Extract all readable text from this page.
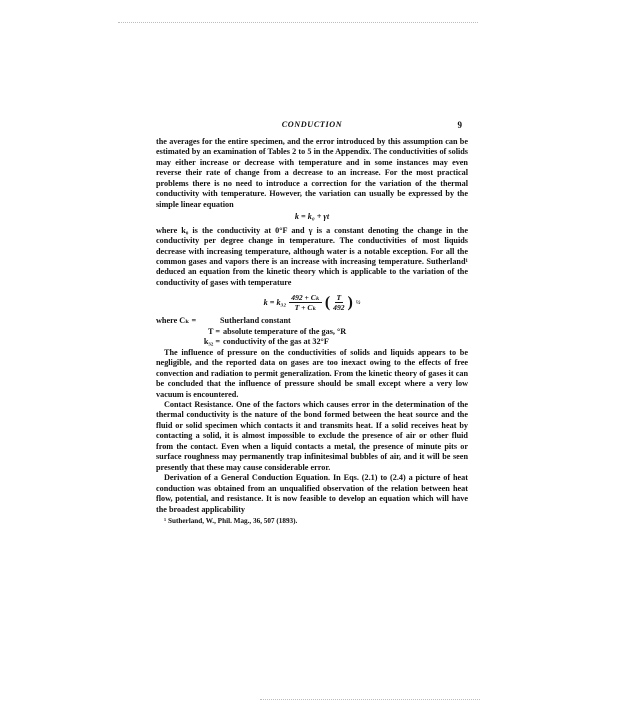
CONDUCTION	9

the averages for the entire specimen, and the error introduced by this assumption can be estimated by an examination of Tables 2 to 5 in the Appendix. The conductivities of solids may either increase or decrease with temperature and in some instances may even reverse their rate of change from a decrease to an increase. For the most practical problems there is no need to introduce a correction for the variation of the thermal conductivity with temperature. However, the variation can usually be expressed by the simple linear equation

k = k₀ + γt

where k₀ is the conductivity at 0°F and γ is a constant denoting the change in the conductivity per degree change in temperature. The conductivities of most liquids decrease with increasing temperature, although water is a notable exception. For all the common gases and vapors there is an increase with increasing temperature. Sutherland¹ deduced an equation from the kinetic theory which is applicable to the variation of the conductivity of gases with temperature

$k = k_{32} \frac{\text{492 + Cₖ}}{\text{T + Cₖ}}$ ( $\frac{T}{492}$ ) ½
where Cₖ =	Sutherland constant
T = absolute temperature of the gas, °R
k₃₂ = conductivity of the gas at 32°F

The influence of pressure on the conductivities of solids and liquids appears to be negligible, and the reported data on gases are too inexact owing to the effects of free convection and radiation to permit generalization. From the kinetic theory of gases it can be concluded that the influence of pressure should be small except where a very low vacuum is encountered.

Contact Resistance. One of the factors which causes error in the determination of the thermal conductivity is the nature of the bond formed between the heat source and the fluid or solid specimen which contacts it and transmits heat. If a solid receives heat by contacting a solid, it is almost impossible to exclude the presence of air or other fluid from the contact. Even when a liquid contacts a metal, the presence of minute pits or surface roughness may permanently trap infinitesimal bubbles of air, and it will be seen presently that these may cause considerable error.

Derivation of a General Conduction Equation. In Eqs. (2.1) to (2.4) a picture of heat conduction was obtained from an unqualified observation of the relation between heat flow, potential, and resistance. It is now feasible to develop an equation which will have the broadest applicability

¹ Sutherland, W., Phil. Mag., 36, 507 (1893).
